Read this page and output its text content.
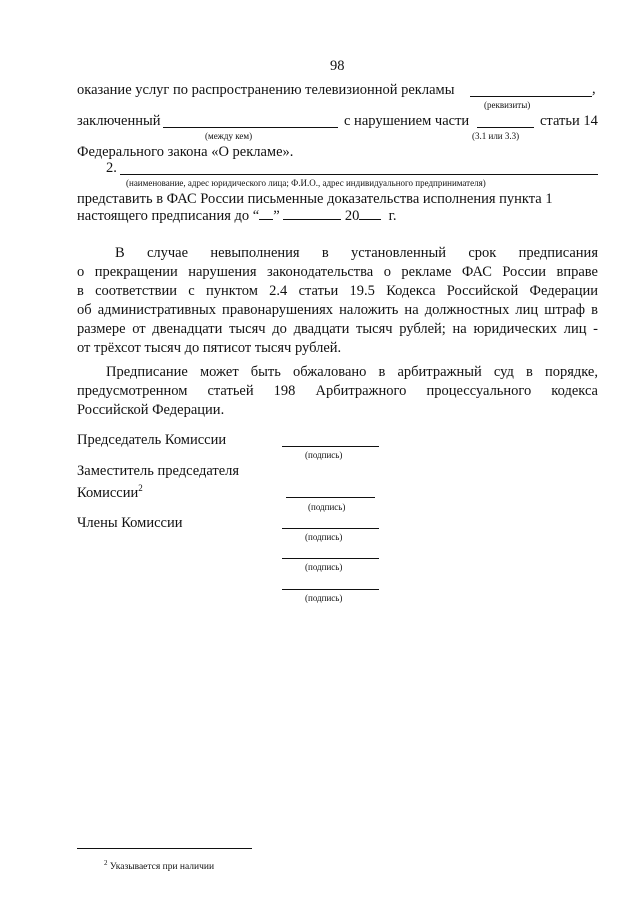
98
оказание услуг по распространению телевизионной рекламы	,
(реквизиты)
заключенный	с нарушением части	статьи 14
(между кем)	(3.1 или 3.3)
Федерального закона «О рекламе».
2.
(наименование, адрес юридического лица; Ф.И.О., адрес индивидуального предпринимателя)
представить в ФАС России письменные доказательства исполнения пункта 1
настоящего предписания до “ ”	20 г.
В случае невыполнения в установленный срок предписания
о прекращении нарушения законодательства о рекламе ФАС России вправе
в соответствии с пунктом 2.4 статьи 19.5 Кодекса Российской Федерации
об административных правонарушениях наложить на должностных лиц штраф в
размере от двенадцати тысяч до двадцати тысяч рублей; на юридических лиц -
от трёхсот тысяч до пятисот тысяч рублей.
Предписание может быть обжаловано в арбитражный суд в порядке,
предусмотренном статьей 198 Арбитражного процессуального кодекса
Российской Федерации.
Председатель Комиссии
(подпись)
Заместитель председателя
Комиссии$^2$
(подпись)
Члены Комиссии
(подпись)
(подпись)
(подпись)
$^2$ Указывается при наличии
